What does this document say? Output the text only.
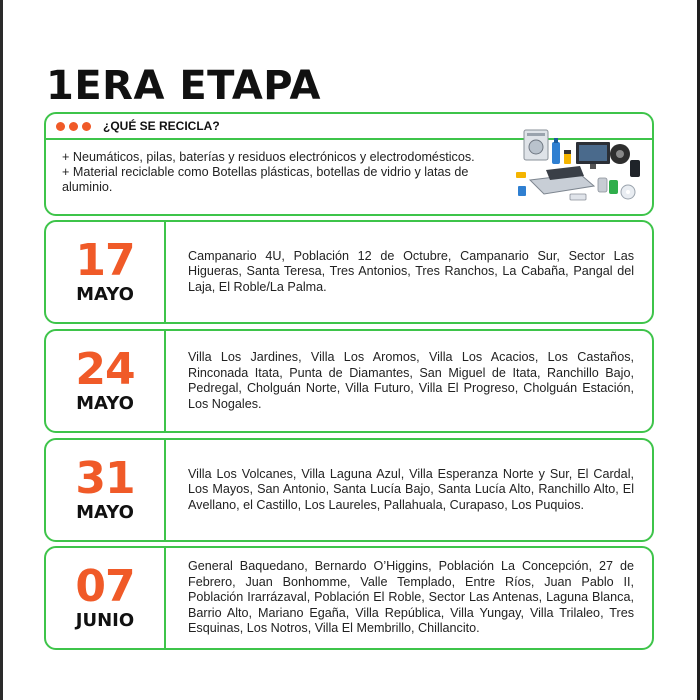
1ERA ETAPA
¿QUÉ SE RECICLA?

+ Neumáticos, pilas, baterías y residuos electrónicos y electrodomésticos.

+ Material reciclable como Botellas plásticas, botellas de vidrio y latas de aluminio.

17
MAYO
Campanario 4U, Población 12 de Octubre, Campanario Sur, Sector Las Higueras, Santa Teresa, Tres Antonios, Tres Ranchos, La Cabaña, Pangal del Laja, El Roble/La Palma.
24
MAYO
Villa Los Jardines, Villa Los Aromos, Villa Los Acacios, Los Castaños, Rinconada Itata, Punta de Diamantes, San Miguel de Itata, Ranchillo Bajo, Pedregal, Cholguán Norte, Villa Futuro, Villa El Progreso, Cholguán Estación, Los Nogales.
31
MAYO
Villa Los Volcanes, Villa Laguna Azul, Villa Esperanza Norte y Sur, El Cardal, Los Mayos, San Antonio, Santa Lucía Bajo, Santa Lucía Alto, Ranchillo Alto, El Avellano, el Castillo, Los Laureles, Pallahuala, Curapaso, Los Puquios.
07
JUNIO
General Baquedano, Bernardo O’Higgins, Población La Concepción, 27 de Febrero, Juan Bonhomme, Valle Templado, Entre Ríos, Juan Pablo II, Población Irarrázaval, Población El Roble, Sector Las Antenas, Laguna Blanca, Barrio Alto, Mariano Egaña, Villa República, Villa Yungay, Villa Trilaleo, Tres Esquinas, Los Notros, Villa El Membrillo, Chillancito.
